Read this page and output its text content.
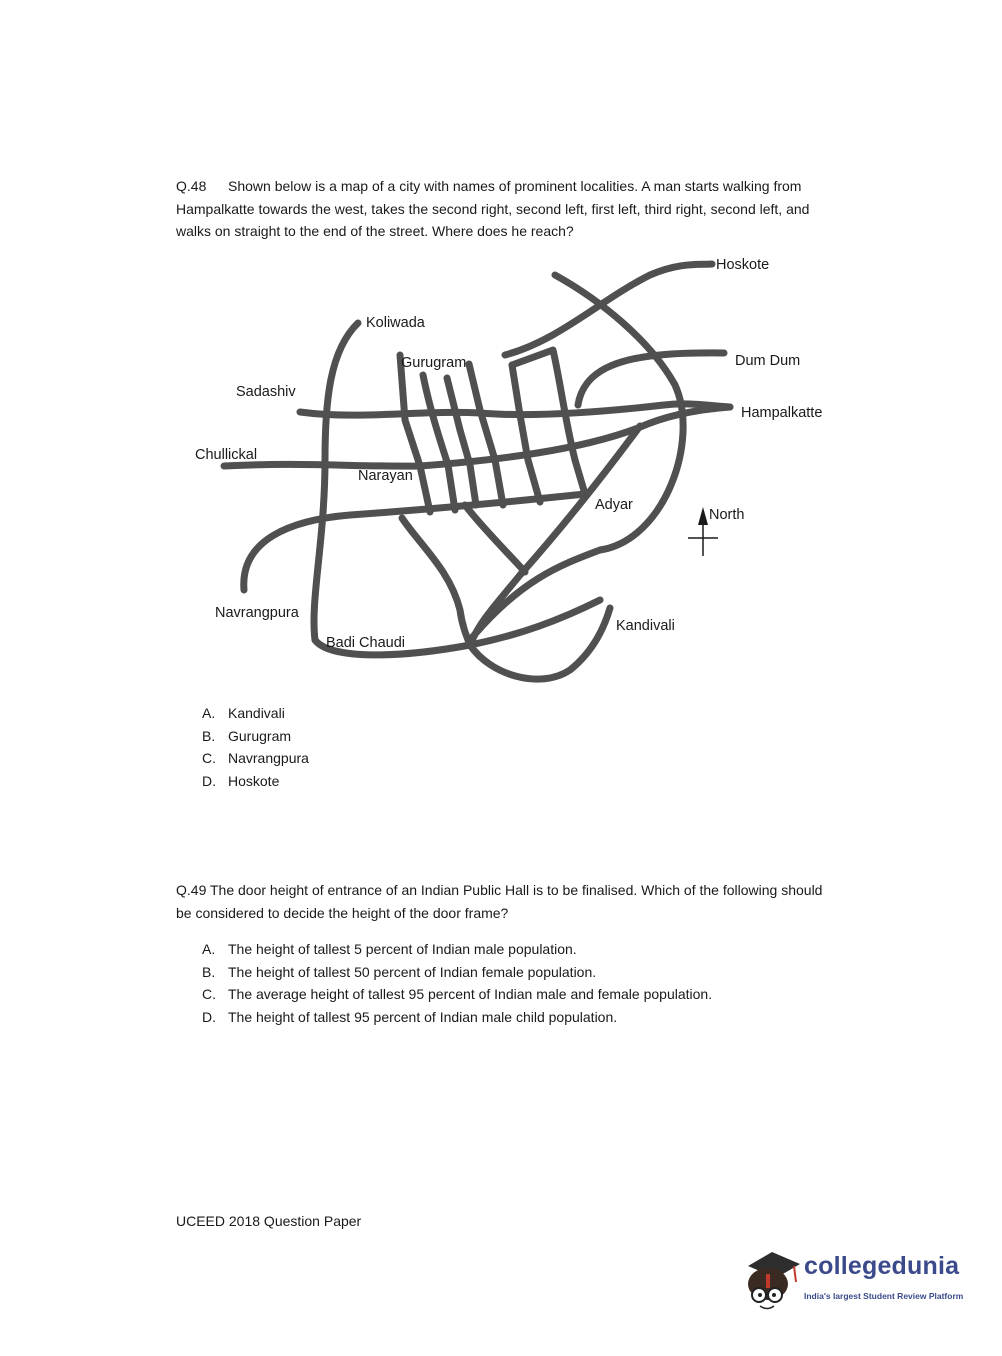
Q.48 Shown below is a map of a city with names of prominent localities. A man starts walking from Hampalkatte towards the west, takes the second right, second left, first left, third right, second left, and walks on straight to the end of the street. Where does he reach?
Hoskote
Koliwada
Gurugram	Dum Dum
Sadashiv
Hampalkatte
Chullickal
Narayan
Adyar
North
Navrangpura
Kandivali
Badi Chaudi
A. Kandivali
B. Gurugram
C. Navrangpura
D. Hoskote
Q.49 The door height of entrance of an Indian Public Hall is to be finalised. Which of the following should be considered to decide the height of the door frame?
A. The height of tallest 5 percent of Indian male population.
B. The height of tallest 50 percent of Indian female population.
C. The average height of tallest 95 percent of Indian male and female population.
D. The height of tallest 95 percent of Indian male child population.
UCEED 2018 Question Paper
collegedunia
India's largest Student Review Platform
